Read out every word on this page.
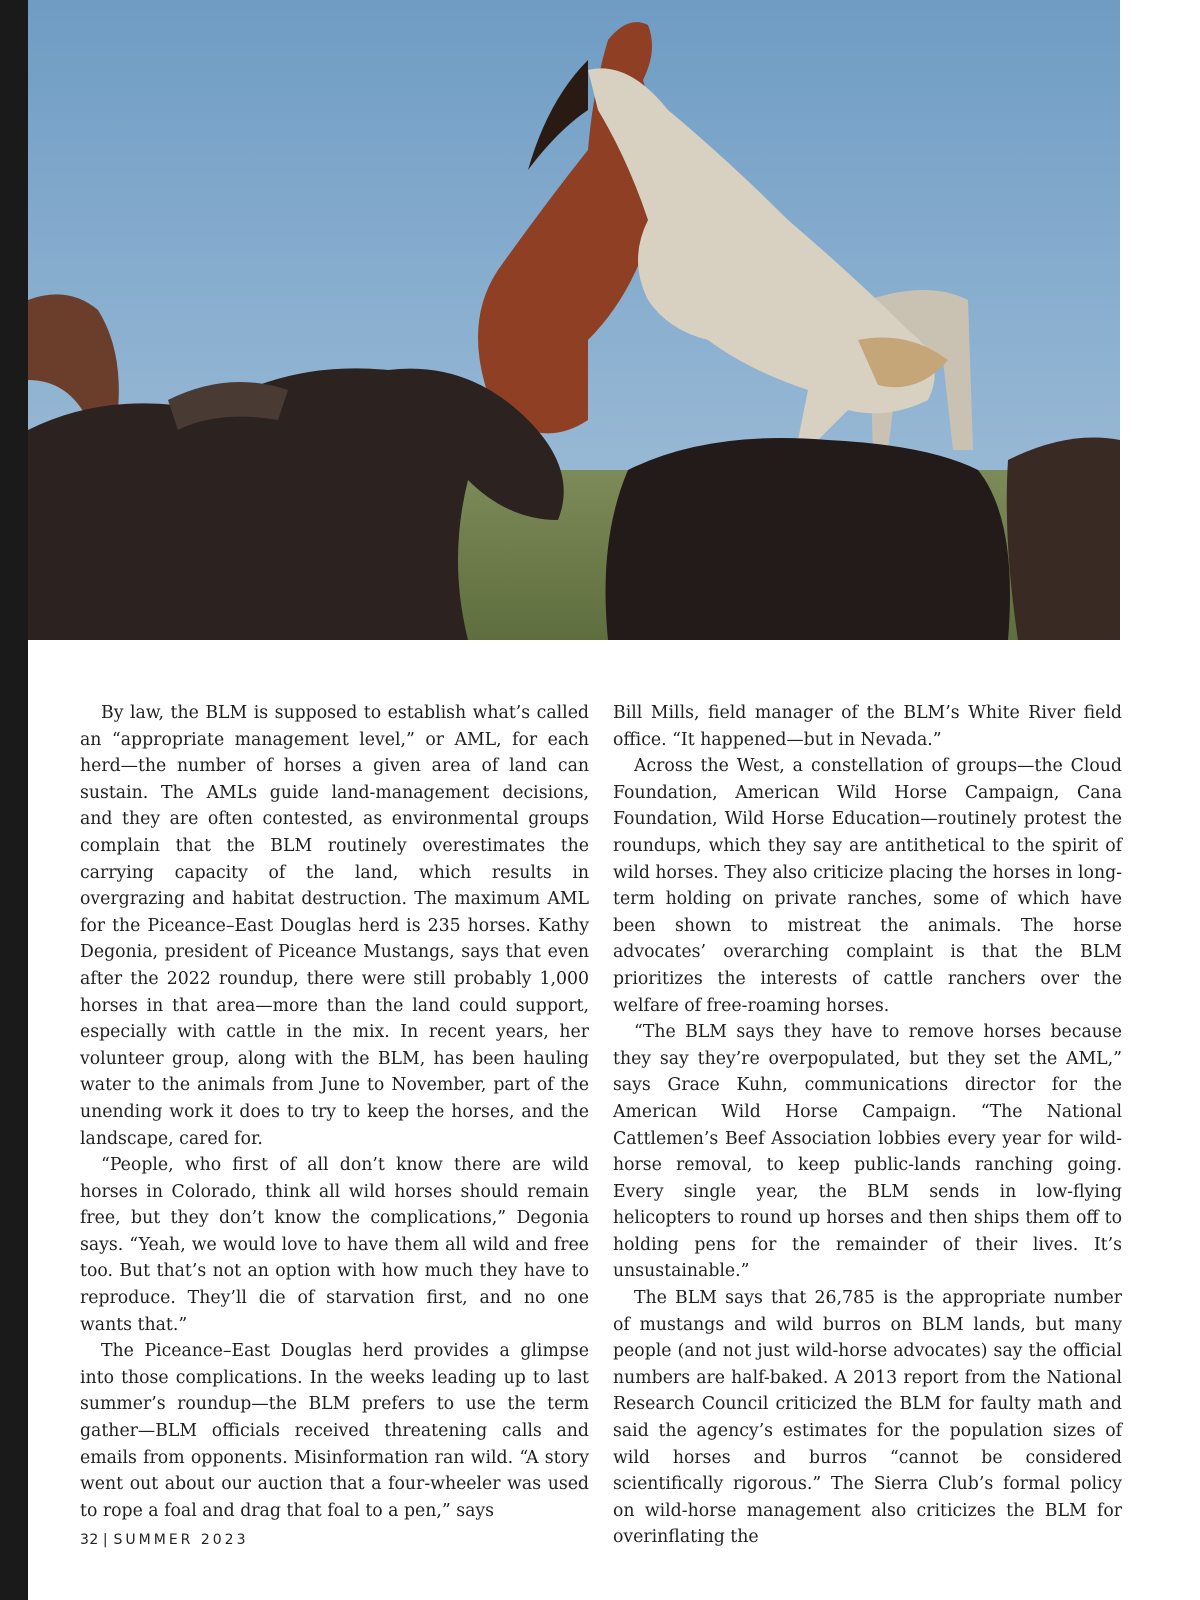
By law, the BLM is supposed to establish what’s called an “appropriate management level,” or AML, for each herd—the number of horses a given area of land can sustain. The AMLs guide land-management decisions, and they are often contested, as environmental groups complain that the BLM routinely overestimates the carrying capacity of the land, which results in overgrazing and habitat destruction. The maximum AML for the Piceance–East Douglas herd is 235 horses. Kathy Degonia, president of Piceance Mustangs, says that even after the 2022 roundup, there were still probably 1,000 horses in that area—more than the land could support, especially with cattle in the mix. In recent years, her volunteer group, along with the BLM, has been hauling water to the animals from June to November, part of the unending work it does to try to keep the horses, and the landscape, cared for.

“People, who first of all don’t know there are wild horses in Colorado, think all wild horses should remain free, but they don’t know the complications,” Degonia says. “Yeah, we would love to have them all wild and free too. But that’s not an option with how much they have to reproduce. They’ll die of starvation first, and no one wants that.”

The Piceance–East Douglas herd provides a glimpse into those complications. In the weeks leading up to last summer’s roundup—the BLM prefers to use the term gather—BLM officials received threatening calls and emails from opponents. Misinformation ran wild. “A story went out about our auction that a four-wheeler was used to rope a foal and drag that foal to a pen,” says

Bill Mills, field manager of the BLM’s White River field office. “It happened—but in Nevada.”

Across the West, a constellation of groups—the Cloud Foundation, American Wild Horse Campaign, Cana Foundation, Wild Horse Education—routinely protest the roundups, which they say are antithetical to the spirit of wild horses. They also criticize placing the horses in long-term holding on private ranches, some of which have been shown to mistreat the animals. The horse advocates’ overarching complaint is that the BLM prioritizes the interests of cattle ranchers over the welfare of free-roaming horses.

“The BLM says they have to remove horses because they say they’re overpopulated, but they set the AML,” says Grace Kuhn, communications director for the American Wild Horse Campaign. “The National Cattlemen’s Beef Association lobbies every year for wild-horse removal, to keep public-lands ranching going. Every single year, the BLM sends in low-flying helicopters to round up horses and then ships them off to holding pens for the remainder of their lives. It’s unsustainable.”

The BLM says that 26,785 is the appropriate number of mustangs and wild burros on BLM lands, but many people (and not just wild-horse advocates) say the official numbers are half-baked. A 2013 report from the National Research Council criticized the BLM for faulty math and said the agency’s estimates for the population sizes of wild horses and burros “cannot be considered scientifically rigorous.” The Sierra Club’s formal policy on wild-horse management also criticizes the BLM for overinflating the

32 | SUMMER 2023
